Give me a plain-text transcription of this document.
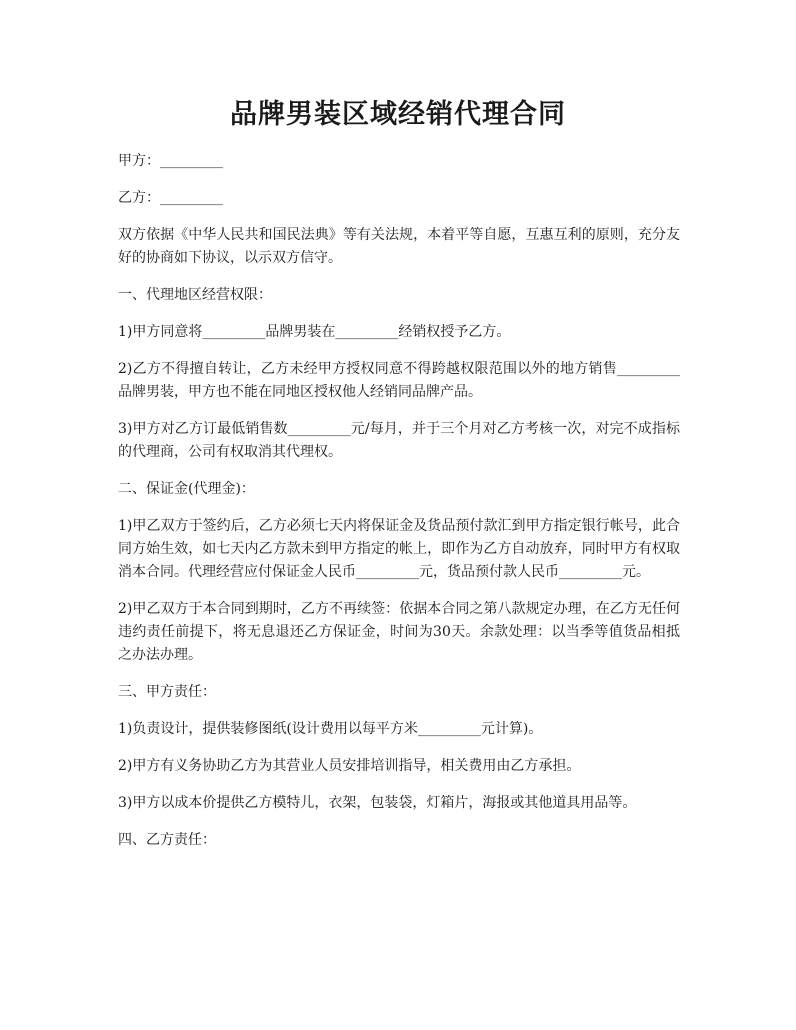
品牌男装区域经销代理合同

甲方：_________

乙方：_________

双方依据《中华人民共和国民法典》等有关法规，本着平等自愿，互惠互利的原则，充分友好的协商如下协议，以示双方信守。

一、代理地区经营权限：

1)甲方同意将_________品牌男装在_________经销权授予乙方。

2)乙方不得擅自转让，乙方未经甲方授权同意不得跨越权限范围以外的地方销售_________品牌男装，甲方也不能在同地区授权他人经销同品牌产品。

3)甲方对乙方订最低销售数_________元/每月，并于三个月对乙方考核一次，对完不成指标的代理商，公司有权取消其代理权。

二、保证金(代理金)：

1)甲乙双方于签约后，乙方必须七天内将保证金及货品预付款汇到甲方指定银行帐号，此合同方始生效，如七天内乙方款未到甲方指定的帐上，即作为乙方自动放弃，同时甲方有权取消本合同。代理经营应付保证金人民币_________元，货品预付款人民币_________元。

2)甲乙双方于本合同到期时，乙方不再续签：依据本合同之第八款规定办理，在乙方无任何违约责任前提下，将无息退还乙方保证金，时间为30天。余款处理：以当季等值货品相抵之办法办理。

三、甲方责任：

1)负责设计，提供装修图纸(设计费用以每平方米_________元计算)。

2)甲方有义务协助乙方为其营业人员安排培训指导，相关费用由乙方承担。

3)甲方以成本价提供乙方模特儿，衣架，包装袋，灯箱片，海报或其他道具用品等。

四、乙方责任：
